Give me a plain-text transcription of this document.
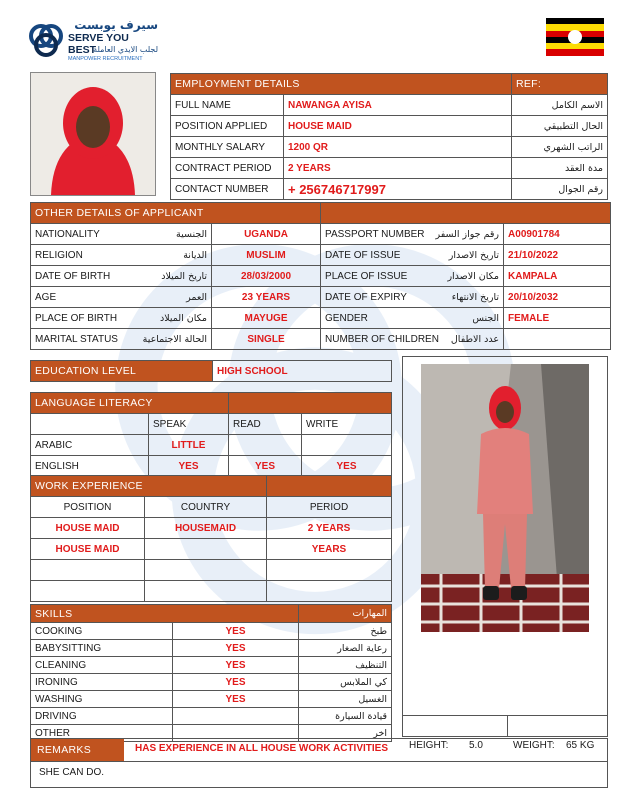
سيرف يوبست
SERVE YOU BEST
لجلب الايدي العاملة
MANPOWER RECRUITMENT
EMPLOYMENT DETAILS		REF:
FULL NAME	NAWANGA AYISA	الاسم الكامل
POSITION APPLIED	HOUSE MAID	الحال التطبيقي
MONTHLY SALARY	1200 QR	الراتب الشهري
CONTRACT PERIOD	2 YEARS	مدة العقد
CONTACT NUMBER	+ 256746717997	رقم الجوال
OTHER DETAILS OF APPLICANT					
NATIONALITY	الجنسية	UGANDA	PASSPORT NUMBER	رقم جواز السفر	A00901784
RELIGION	الديانة	MUSLIM	DATE OF ISSUE	تاريخ الاصدار	21/10/2022
DATE OF BIRTH	تاريخ الميلاد	28/03/2000	PLACE OF ISSUE	مكان الاصدار	KAMPALA
AGE	العمر	23 YEARS	DATE OF EXPIRY	تاريخ الانتهاء	20/10/2032
PLACE OF BIRTH	مكان الميلاد	MAYUGE	GENDER	الجنس	FEMALE
MARITAL STATUS	الحالة الاجتماعية	SINGLE	NUMBER OF CHILDREN	عدد الاطفال	
EDUCATION LEVEL	HIGH SCHOOL
LANGUAGE LITERACY			
	SPEAK	READ	WRITE
ARABIC	LITTLE		
ENGLISH	YES	YES	YES
WORK EXPERIENCE		
POSITION	COUNTRY	PERIOD
HOUSE MAID	HOUSEMAID	2 YEARS
HOUSE MAID		YEARS

SKILLS		المهارات
COOKING	YES	طبخ
BABYSITTING	YES	رعاية الصغار
CLEANING	YES	التنظيف
IRONING	YES	كي الملابس
WASHING	YES	الغسيل
DRIVING		قيادة السيارة
OTHER		اخر
HEIGHT: 5.0	WEIGHT: 65 KG
REMARKS	HAS EXPERIENCE IN ALL HOUSE WORK ACTIVITIES
SHE CAN DO.
